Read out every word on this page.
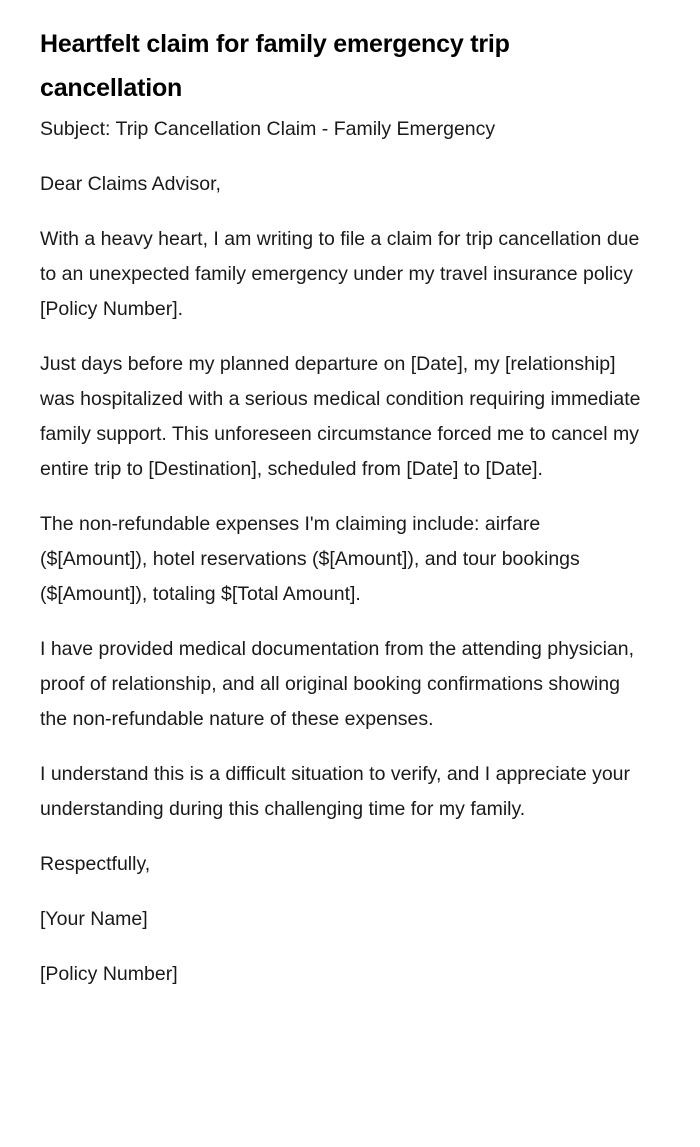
Heartfelt claim for family emergency trip cancellation

Subject: Trip Cancellation Claim - Family Emergency

Dear Claims Advisor,

With a heavy heart, I am writing to file a claim for trip cancellation due to an unexpected family emergency under my travel insurance policy [Policy Number].

Just days before my planned departure on [Date], my [relationship] was hospitalized with a serious medical condition requiring immediate family support. This unforeseen circumstance forced me to cancel my entire trip to [Destination], scheduled from [Date] to [Date].

The non-refundable expenses I'm claiming include: airfare ($[Amount]), hotel reservations ($[Amount]), and tour bookings ($[Amount]), totaling $[Total Amount].

I have provided medical documentation from the attending physician, proof of relationship, and all original booking confirmations showing the non-refundable nature of these expenses.

I understand this is a difficult situation to verify, and I appreciate your understanding during this challenging time for my family.

Respectfully,

[Your Name]

[Policy Number]
